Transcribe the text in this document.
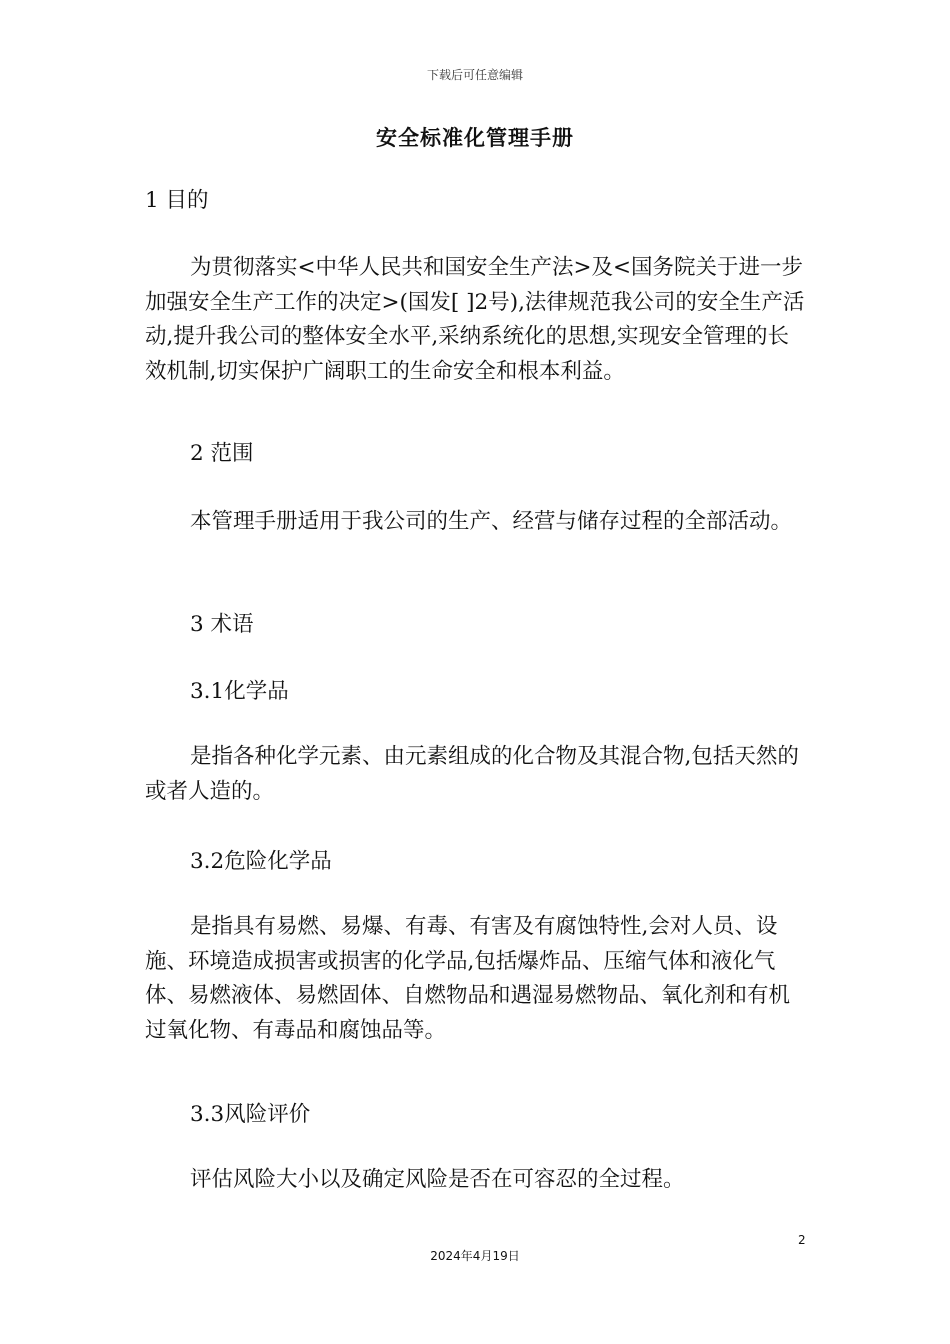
下载后可任意编辑
安全标准化管理手册

1 目的

为贯彻落实<中华人民共和国安全生产法>及<国务院关于进一步加强安全生产工作的决定>(国发[ ]2号),法律规范我公司的安全生产活动,提升我公司的整体安全水平,采纳系统化的思想,实现安全管理的长效机制,切实保护广阔职工的生命安全和根本利益。

2 范围

本管理手册适用于我公司的生产、经营与储存过程的全部活动。

3 术语

3.1化学品

是指各种化学元素、由元素组成的化合物及其混合物,包括天然的或者人造的。

3.2危险化学品

是指具有易燃、易爆、有毒、有害及有腐蚀特性,会对人员、设施、环境造成损害或损害的化学品,包括爆炸品、压缩气体和液化气体、易燃液体、易燃固体、自燃物品和遇湿易燃物品、氧化剂和有机过氧化物、有毒品和腐蚀品等。

3.3风险评价

评估风险大小以及确定风险是否在可容忍的全过程。

2
2024年4月19日
